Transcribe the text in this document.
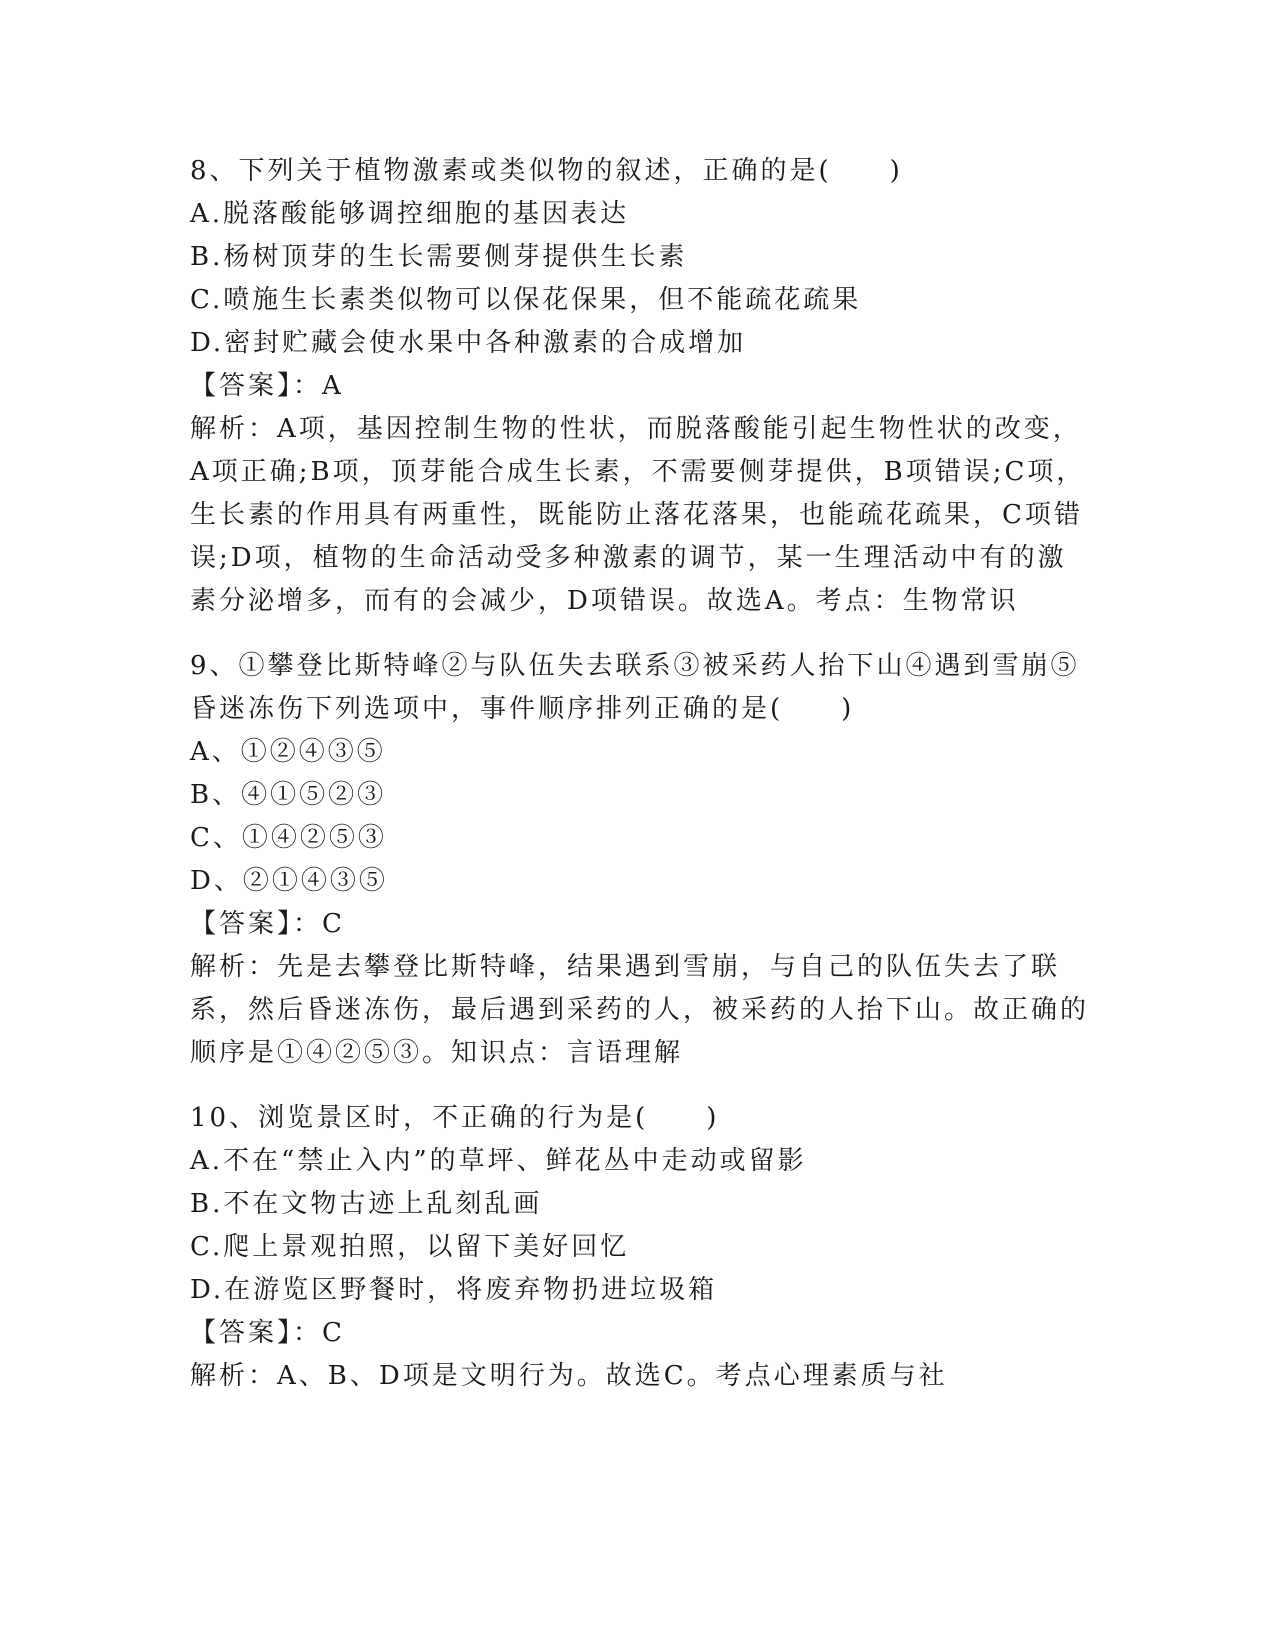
8、下列关于植物激素或类似物的叙述，正确的是(　　)
A.脱落酸能够调控细胞的基因表达
B.杨树顶芽的生长需要侧芽提供生长素
C.喷施生长素类似物可以保花保果，但不能疏花疏果
D.密封贮藏会使水果中各种激素的合成增加
【答案】：A
解析：A项，基因控制生物的性状，而脱落酸能引起生物性状的改变，A项正确;B项，顶芽能合成生长素，不需要侧芽提供，B项错误;C项，生长素的作用具有两重性，既能防止落花落果，也能疏花疏果，C项错误;D项，植物的生命活动受多种激素的调节，某一生理活动中有的激素分泌增多，而有的会减少，D项错误。故选A。考点：生物常识
9、①攀登比斯特峰②与队伍失去联系③被采药人抬下山④遇到雪崩⑤昏迷冻伤下列选项中，事件顺序排列正确的是(　　)
A、①②④③⑤
B、④①⑤②③
C、①④②⑤③
D、②①④③⑤
【答案】：C
解析：先是去攀登比斯特峰，结果遇到雪崩，与自己的队伍失去了联系，然后昏迷冻伤，最后遇到采药的人，被采药的人抬下山。故正确的顺序是①④②⑤③。知识点：言语理解
10、浏览景区时，不正确的行为是(　　)
A.不在“禁止入内”的草坪、鲜花丛中走动或留影
B.不在文物古迹上乱刻乱画
C.爬上景观拍照，以留下美好回忆
D.在游览区野餐时，将废弃物扔进垃圾箱
【答案】：C
解析：A、B、D项是文明行为。故选C。考点心理素质与社
